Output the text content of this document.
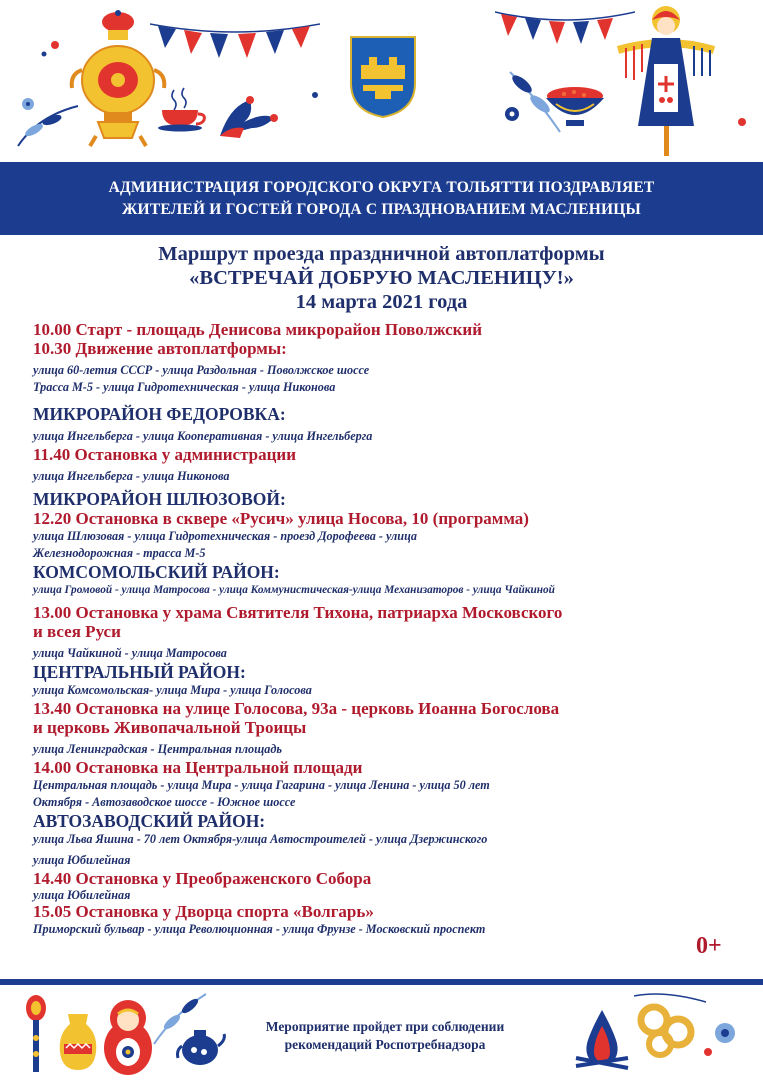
АДМИНИСТРАЦИЯ ГОРОДСКОГО ОКРУГА ТОЛЬЯТТИ ПОЗДРАВЛЯЕТ
ЖИТЕЛЕЙ И ГОСТЕЙ ГОРОДА С ПРАЗДНОВАНИЕМ МАСЛЕНИЦЫ
Маршрут проезда праздничной автоплатформы
«ВСТРЕЧАЙ ДОБРУЮ МАСЛЕНИЦУ!»
14 марта 2021 года
10.00 Старт - площадь Денисова микрорайон Поволжский
10.30 Движение автоплатформы:
улица 60-летия СССР - улица Раздольная - Поволжское шоссе
Трасса М-5 - улица Гидротехническая - улица Никонова
МИКРОРАЙОН ФЕДОРОВКА:
улица Ингельберга - улица Кооперативная - улица Ингельберга
11.40 Остановка у администрации
улица Ингельберга - улица Никонова
МИКРОРАЙОН ШЛЮЗОВОЙ:
12.20 Остановка в сквере «Русич» улица Носова, 10 (программа)
улица Шлюзовая - улица Гидротехническая - проезд Дорофеева - улица
Железнодорожная - трасса М-5
КОМСОМОЛЬСКИЙ РАЙОН:
улица Громовой - улица Матросова - улица Коммунистическая-улица Механизаторов - улица Чайкиной
13.00 Остановка у храма Святителя Тихона, патриарха Московского
и всея Руси
улица Чайкиной - улица Матросова
ЦЕНТРАЛЬНЫЙ РАЙОН:
улица Комсомольская- улица Мира - улица Голосова
13.40 Остановка на улице Голосова, 93а - церковь Иоанна Богослова
и церковь Живопачальной Троицы
улица Ленинградская - Центральная площадь
14.00 Остановка на Центральной площади
Центральная площадь - улица Мира - улица Гагарина - улица Ленина - улица 50 лет
Октября - Автозаводское шоссе - Южное шоссе
АВТОЗАВОДСКИЙ РАЙОН:
улица Льва Яшина - 70 лет Октября-улица Автостроителей - улица Дзержинского
улица Юбилейная
14.40 Остановка у Преображенского Собора
улица Юбилейная
15.05 Остановка у Дворца спорта «Волгарь»
Приморский бульвар - улица Революционная - улица Фрунзе - Московский проспект
0+
Мероприятие пройдет при соблюдении
рекомендаций Роспотребнадзора
